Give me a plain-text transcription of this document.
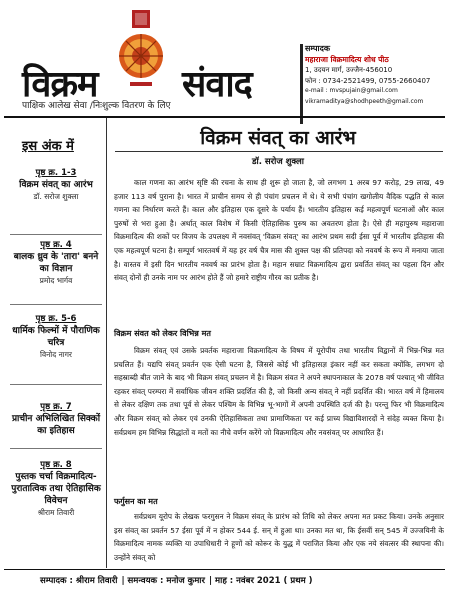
विक्रम संवाद
पाक्षिक आलेख सेवा /निःशुल्क वितरण के लिए
सम्पादक
महाराजा विक्रमादित्य शोध पीठ
1, उदयन मार्ग, उज्जैन-456010
फोन : 0734-2521499, 0755-2660407
e-mail : mvspujain@gmail.com
vikramaditya@shodhpeeth@gmail.com
इस अंक में
पृष्ठ क्र. 1-3
विक्रम संवत् का आरंभ
डॉ. सरोज शुक्ला
पृष्ठ क्र. 4
बालक ध्रुव के 'तारा' बनने का विज्ञान
प्रमोद भार्गव
पृष्ठ क्र. 5-6
धार्मिक फिल्मों में पौराणिक चरित्र
विनोद नागर
पृष्ठ क्र. 7
प्राचीन अभिलिखित सिक्कों का इतिहास
पृष्ठ क्र. 8
पुस्तक चर्चा विक्रमादित्य-पुरातात्विक तथा ऐतिहासिक विवेचन
श्रीराम तिवारी
विक्रम संवत् का आरंभ
डॉ. सरोज शुक्ला
काल गणना का आरंभ सृष्टि की रचना के साथ ही शुरू हो जाता है, जो लगभग 1 अरब 97 करोड़, 29 लाख, 49 हजार 113 वर्ष पुराना है। भारत में प्राचीन समय से ही पंचांग प्रचलन में थे। ये सभी पंचांग खगोलीय वैदिक पद्धति से काल गणना का निर्धारण करते हैं। काल और इतिहास एक दूसरे के पर्याय हैं। भारतीय इतिहास कई महत्वपूर्ण घटनाओं और काल पुरुषों से भरा हुआ है। अर्थात् काल विशेष में किसी ऐतिहासिक पुरुष का अवतरण होता है। ऐसे ही महापुरुष महाराजा विक्रमादित्य की शकों पर विजय के उपलक्ष्य में नवसंवत् 'विक्रम संवत्' का आरंभ प्रथम सदी ईसा पूर्व में भारतीय इतिहास की एक महत्वपूर्ण घटना है। सम्पूर्ण भारतवर्ष में यह हर वर्ष चैत्र मास की शुक्ल पक्ष की प्रतिपदा को नववर्ष के रूप में मनाया जाता है। वास्तव में इसी दिन भारतीय नववर्ष का प्रारंभ होता है। महान सम्राट विक्रमादित्य द्वारा प्रवर्तित संवत् का पहला दिन और संवत् दोनों ही उनके नाम पर आरंभ होते हैं जो हमारे राष्ट्रीय गौरव का प्रतीक है।
विक्रम संवत को लेकर विभिन्न मत
विक्रम संवत् एवं उसके प्रवर्तक महाराजा विक्रमादित्य के विषय में यूरोपीय तथा भारतीय विद्वानों में भिन्न-भिन्न मत प्रचलित हैं। यद्यपि संवत् प्रवर्तन एक ऐसी घटना है, जिससे कोई भी इतिहासज्ञ इंकार नहीं कर सकता क्योंकि, लगभग दो सहस्राब्दी बीत जाने के बाद भी विक्रम संवत् प्रचलन में है। विक्रम संवत ने अपने स्थापनाकाल के 2078 वर्ष पश्चात् भी जीवित रहकर संवत् परम्परा में सर्वाधिक जीवन शक्ति प्रदर्शित की है, जो किसी अन्य संवत् ने नहीं प्रदर्शित की। भारत वर्ष में हिमालय से लेकर दक्षिण तक तथा पूर्व से लेकर पश्चिम के विभिन्न भू-भागों में अपनी उपस्थिति दर्ज की है। परन्तु फिर भी विक्रमादित्य और विक्रम संवत् को लेकर एवं उनकी ऐतिहासिकता तथा प्रामाणिकता पर कई प्राच्य विद्याविशारदों ने संदेह व्यक्त किया है। सर्वप्रथम हम विभिन्न सिद्धांतों व मतों का नीचे वर्णन करेंगे जो विक्रमादित्य और नवसंवत् पर आधारित हैं।
फर्गुसन का मत
सर्वप्रथम यूरोप के लेखक फरगुसन ने विक्रम संवत् के प्रारंभ को तिथि को लेकर अपना मत प्रकट किया। उनके अनुसार इस संवत् का प्रवर्तन 57 ईसा पूर्व में न होकर 544 ई. सन् में हुआ था। उनका मत था, कि ईसवीं सन् 545 में उज्जयिनी के विक्रमादित्य नामक व्यक्ति या उपाधिधारी ने हूणों को कोरूर के युद्ध में पराजित किया और एक नये संवत्सर की स्थापना की। उन्होंने संवत् को
सम्पादक : श्रीराम तिवारी | समन्वयक : मनोज कुमार | माह : नवंबर 2021 ( प्रथम )
